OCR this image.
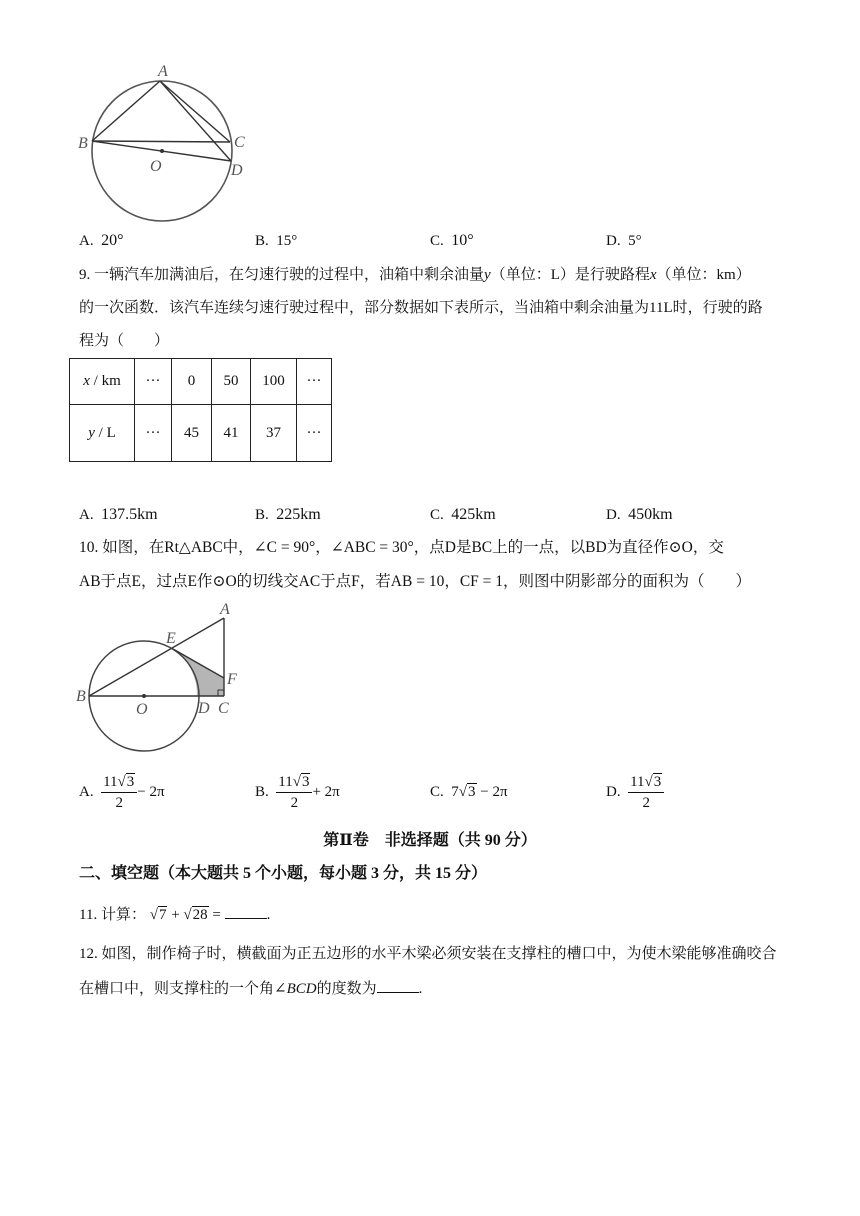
A
B	C
D
O
A. 20°	B. 15°	C. 10°	D. 5°
9. 一辆汽车加满油后，在匀速行驶的过程中，油箱中剩余油量y（单位：L）是行驶路程x（单位：km）
的一次函数．该汽车连续匀速行驶过程中，部分数据如下表所示，当油箱中剩余油量为11L时，行驶的路
程为（　　）
x / km	···	0	50	100	···
y / L	···	45	41	37	···
A. 137.5km	B. 225km	C. 425km	D. 450km
10. 如图，在Rt△ABC中，∠C = 90°，∠ABC = 30°，点D是BC上的一点，以BD为直径作⊙O，交
AB于点E，过点E作⊙O的切线交AC于点F，若AB = 10，CF = 1，则图中阴影部分的面积为（　　）
A
B
C
D
E
F
O
A.
$\frac{11√3}{2} - 2\pi$	B.
$\frac{11√3}{2} + 2\pi$	C.
7√3 − 2π	D.
$\frac{11√3}{2}$
第Ⅱ卷　非选择题（共 90 分）
二、填空题（本大题共 5 个小题，每小题 3 分，共 15 分）
11. 计算： √7 + √28 =	.
12. 如图，制作椅子时，横截面为正五边形的水平木梁必须安装在支撑柱的槽口中，为使木梁能够准确咬合
在槽口中，则支撑柱的一个角∠BCD的度数为	.
